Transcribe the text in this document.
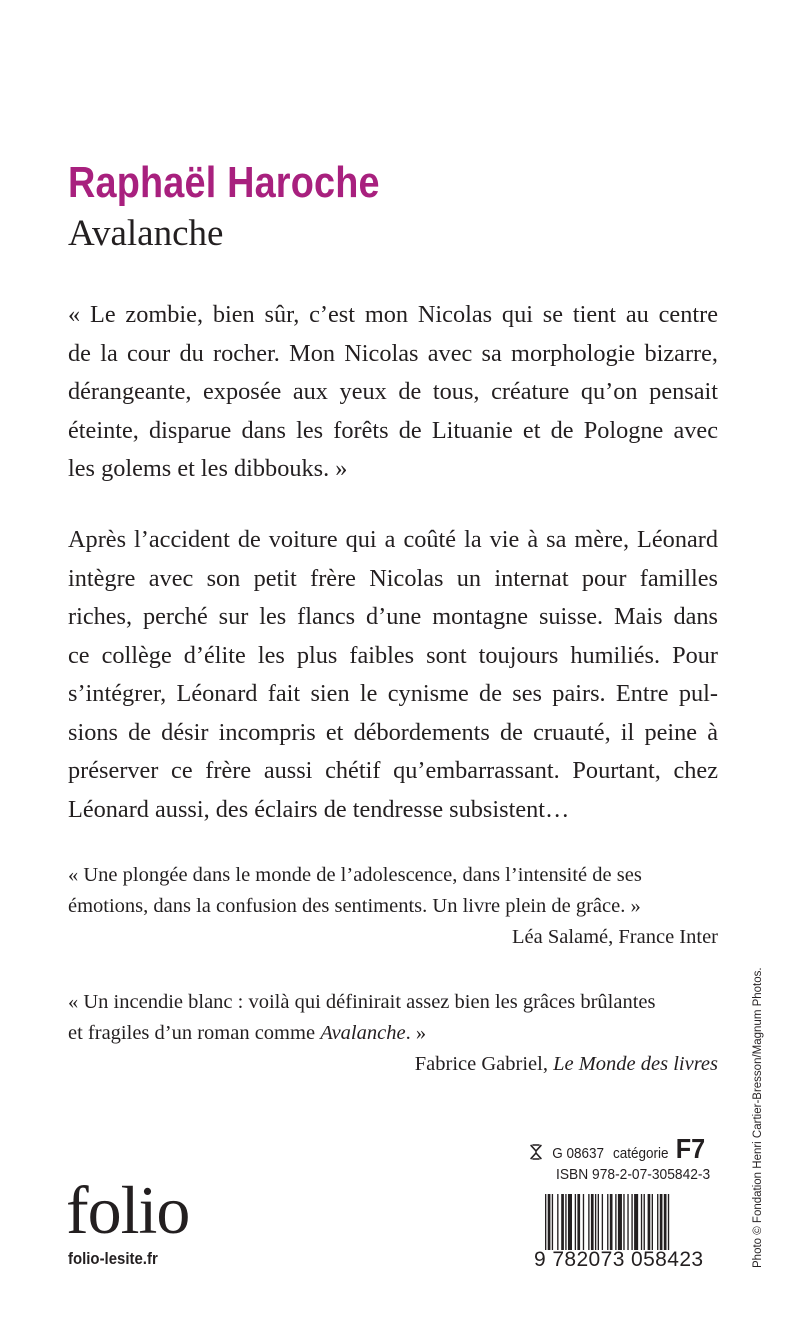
Raphaël Haroche
Avalanche
« Le zombie, bien sûr, c’est mon Nicolas qui se tient au centre
de la cour du rocher. Mon Nicolas avec sa morphologie bizarre,
dérangeante, exposée aux yeux de tous, créature qu’on pensait
éteinte, disparue dans les forêts de Lituanie et de Pologne avec
les golems et les dibbouks. »
Après l’accident de voiture qui a coûté la vie à sa mère, Léonard
intègre avec son petit frère Nicolas un internat pour familles
riches, perché sur les flancs d’une montagne suisse. Mais dans
ce collège d’élite les plus faibles sont toujours humiliés. Pour
s’intégrer, Léonard fait sien le cynisme de ses pairs. Entre pul-
sions de désir incompris et débordements de cruauté, il peine à
préserver ce frère aussi chétif qu’embarrassant. Pourtant, chez
Léonard aussi, des éclairs de tendresse subsistent…
« Une plongée dans le monde de l’adolescence, dans l’intensité de ses
émotions, dans la confusion des sentiments. Un livre plein de grâce. »
Léa Salamé, France Inter
« Un incendie blanc : voilà qui définirait assez bien les grâces brûlantes
et fragiles d’un roman comme Avalanche. »
Fabrice Gabriel, Le Monde des livres
folio
folio-lesite.fr
G 08637 catégorie F7
ISBN 978-2-07-305842-3
9 782073 058423	Photo © Fondation Henri Cartier-Bresson/Magnum Photos.
